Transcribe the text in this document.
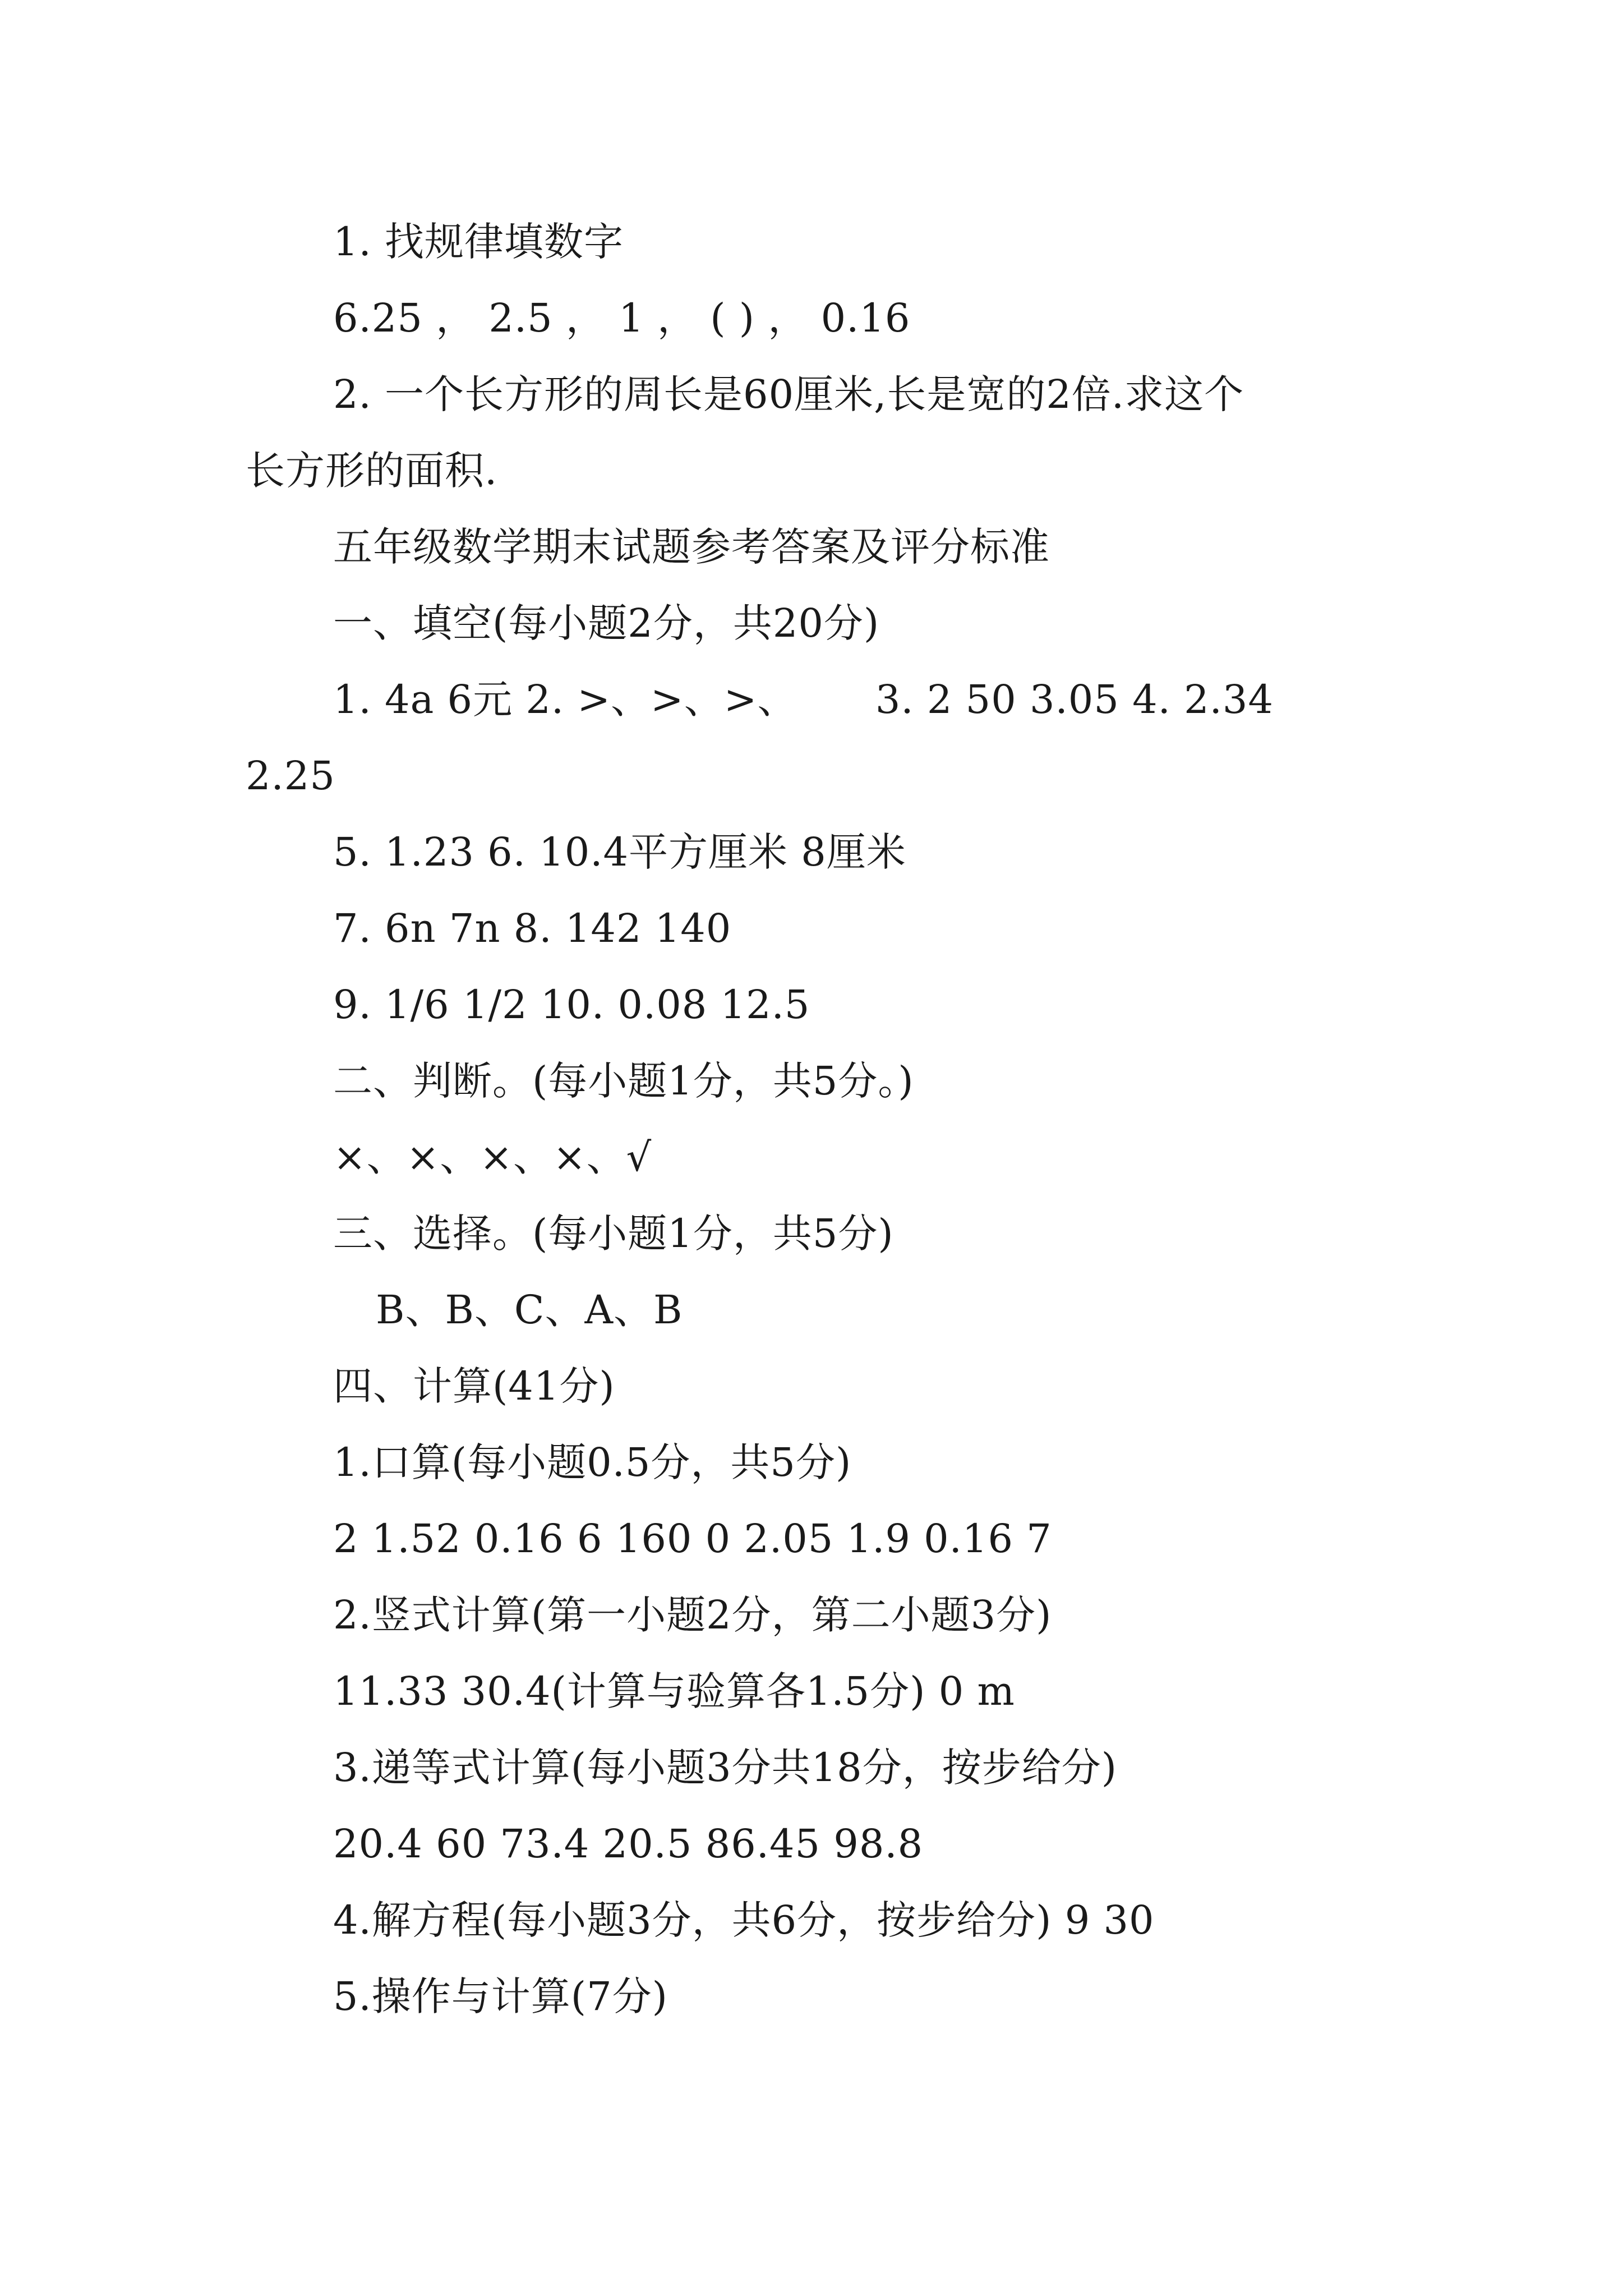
1. 找规律填数字
6.25 ， 2.5 ， 1 ， ( ) ， 0.16
2. 一个长方形的周长是60厘米,长是宽的2倍.求这个
长方形的面积.
五年级数学期末试题参考答案及评分标准
一、填空(每小题2分，共20分)
1. 4a 6元 2. >、>、>、      3. 2 50 3.05 4. 2.34
2.25
5. 1.23 6. 10.4平方厘米 8厘米
7. 6n 7n 8. 142 140
9. 1/6 1/2 10. 0.08 12.5
二、判断。(每小题1分，共5分。)
×、×、×、×、√
三、选择。(每小题1分，共5分)
B、B、C、A、B
四、计算(41分)
1.口算(每小题0.5分，共5分)
2 1.52 0.16 6 160 0 2.05 1.9 0.16 7
2.竖式计算(第一小题2分，第二小题3分)
11.33 30.4(计算与验算各1.5分) 0 m
3.递等式计算(每小题3分共18分，按步给分)
20.4 60 73.4 20.5 86.45 98.8
4.解方程(每小题3分，共6分，按步给分) 9 30
5.操作与计算(7分)
